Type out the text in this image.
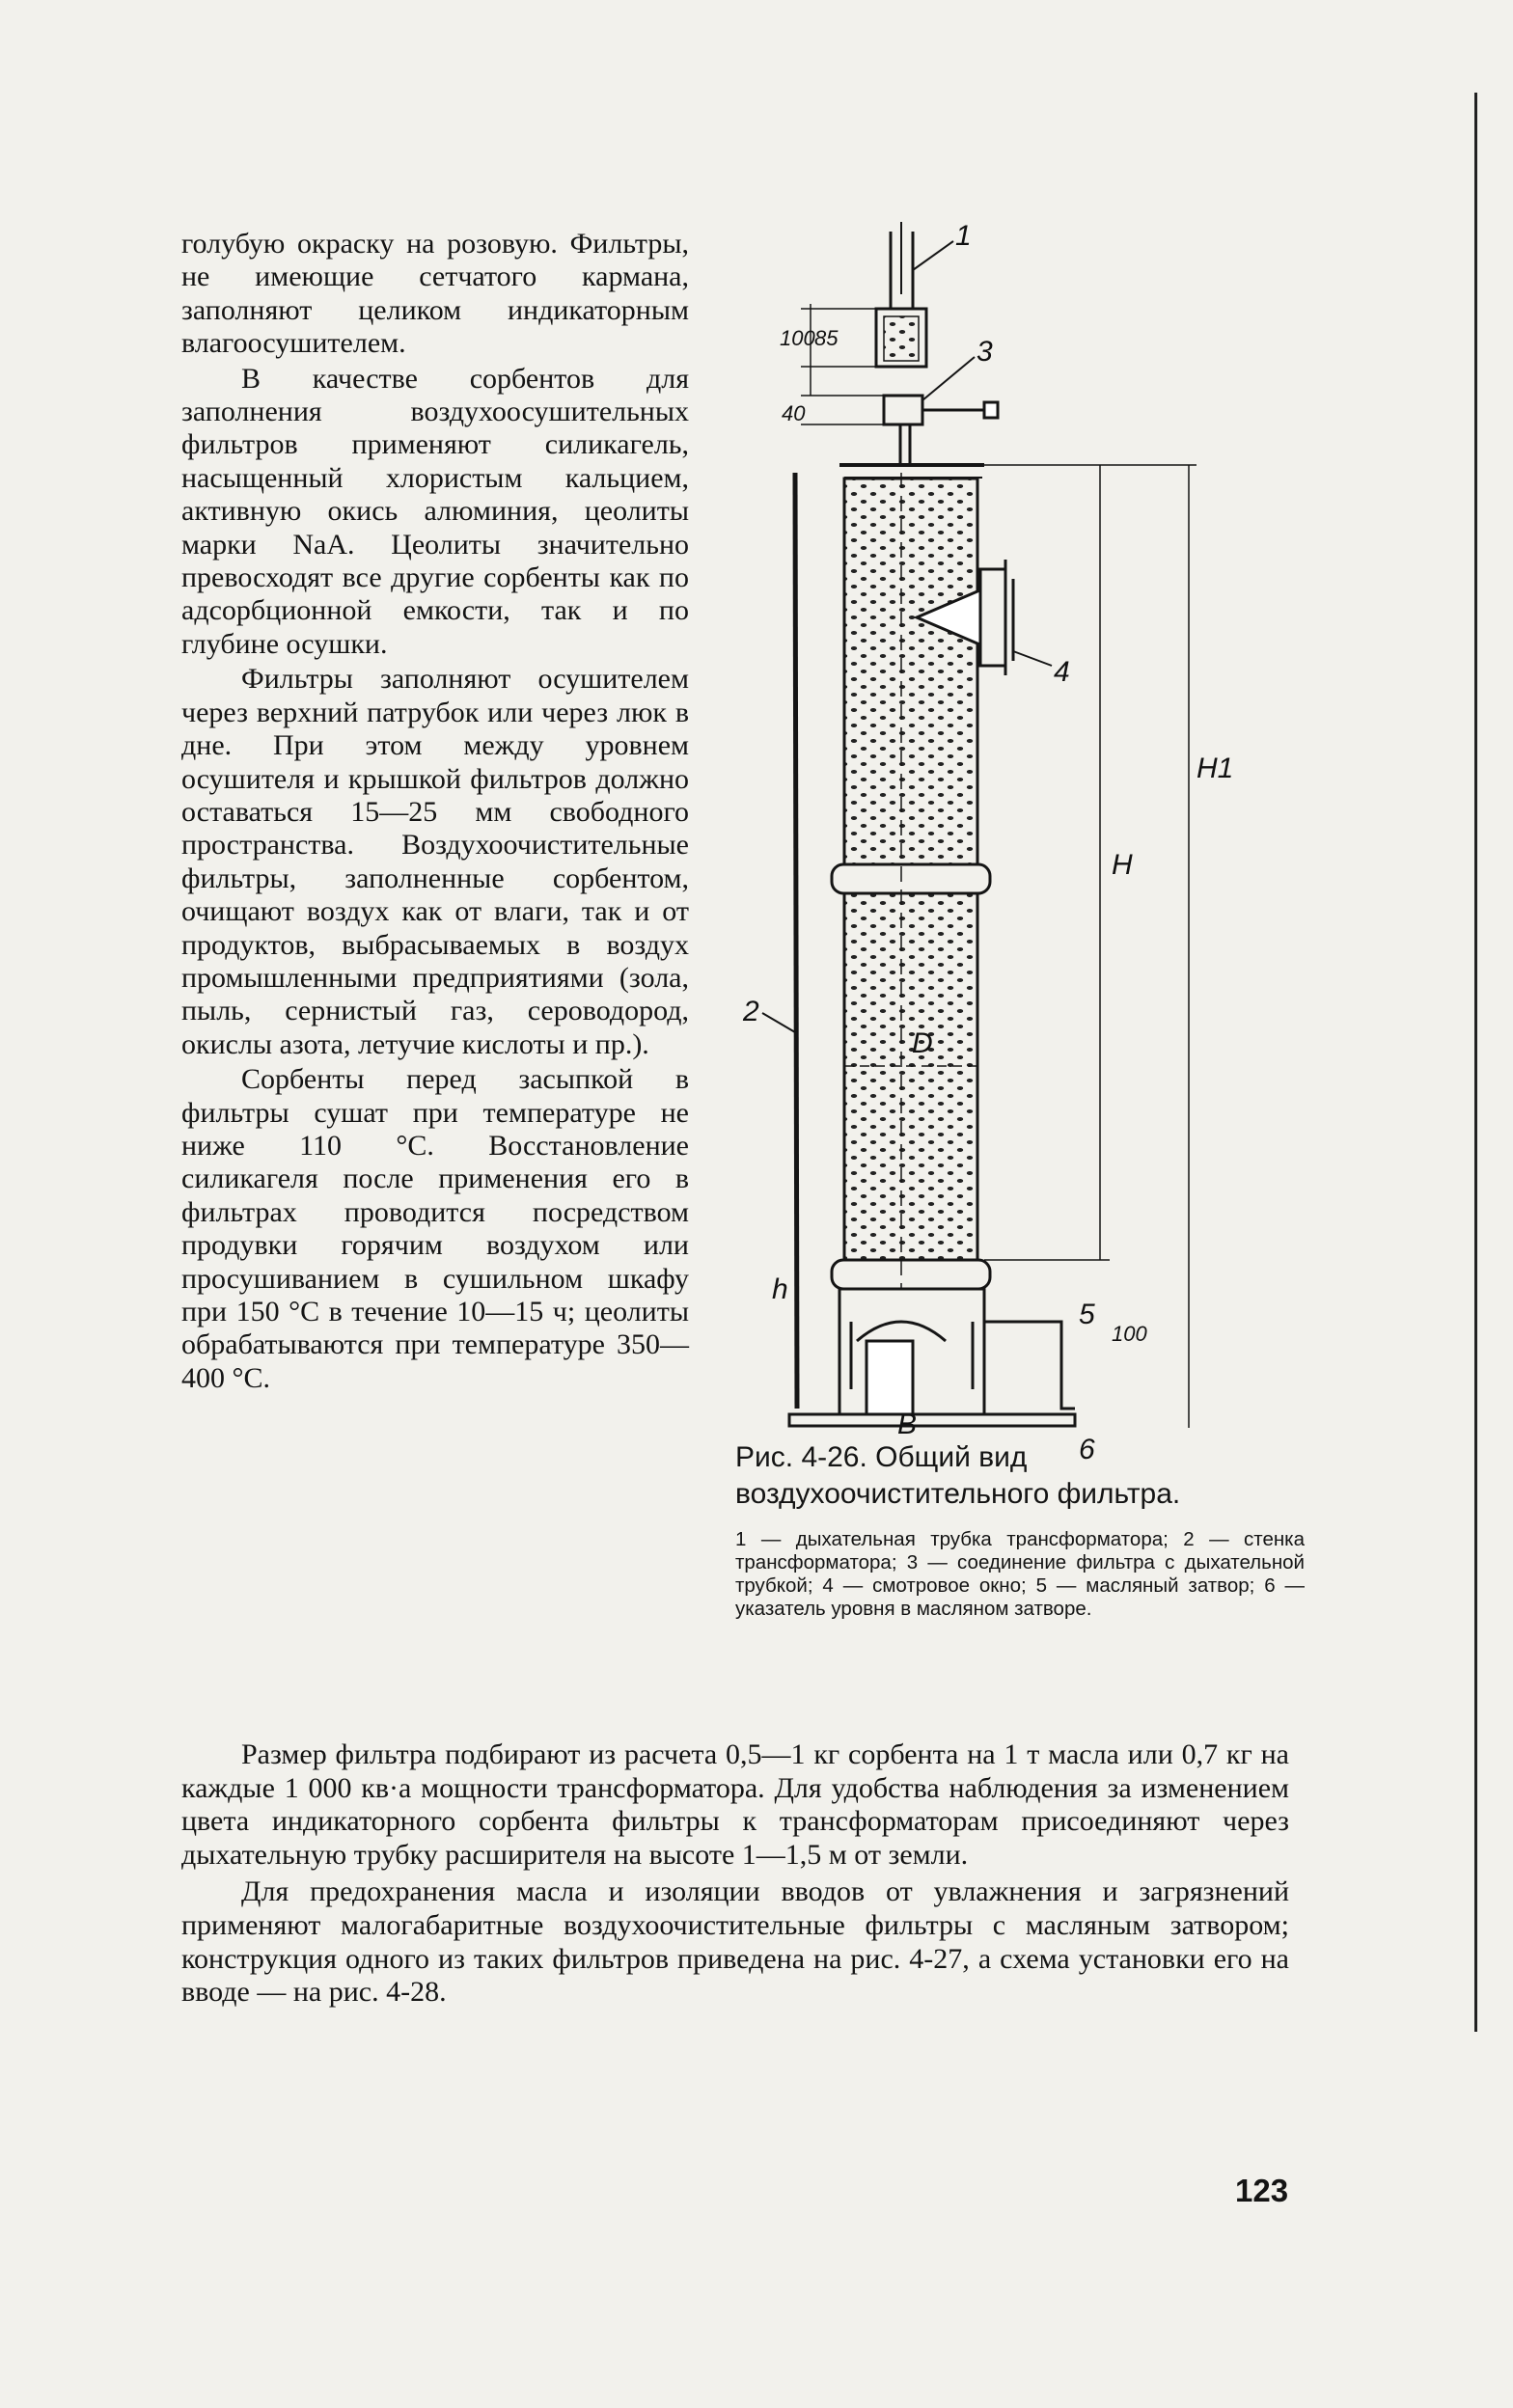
голубую окраску на розовую. Фильтры, не имеющие сетчатого кармана, заполняют целиком индикаторным влагоосушителем.

В качестве сорбентов для заполнения воздухоосушительных фильтров применяют силикагель, насыщенный хлористым кальцием, активную окись алюминия, цеолиты марки NaA. Цеолиты значительно превосходят все другие сорбенты как по адсорбционной емкости, так и по глубине осушки.

Фильтры заполняют осушителем через верхний патрубок или через люк в дне. При этом между уровнем осушителя и крышкой фильтров должно оставаться 15—25 мм свободного пространства. Воздухоочистительные фильтры, заполненные сорбентом, очищают воздух как от влаги, так и от продуктов, выбрасываемых в воздух промышленными предприятиями (зола, пыль, сернистый газ, сероводород, окислы азота, летучие кислоты и пр.).

Сорбенты перед засыпкой в фильтры сушат при температуре не ниже 110 °С. Восстановление силикагеля после применения его в фильтрах проводится посредством продувки горячим воздухом или просушиванием в сушильном шкафу при 150 °С в течение 10—15 ч; цеолиты обрабатываются при температуре 350—400 °С.

1
3
4
2
5
6
100 85
40
H
H1
D
100
h
B

Рис. 4-26. Общий вид воздухоочистительного фильтра.

1 — дыхательная трубка трансформатора; 2 — стенка трансформатора; 3 — соединение фильтра с дыхательной трубкой; 4 — смотровое окно; 5 — масляный затвор; 6 — указатель уровня в масляном затворе.

Размер фильтра подбирают из расчета 0,5—1 кг сорбента на 1 т масла или 0,7 кг на каждые 1 000 кв·а мощности трансформатора. Для удобства наблюдения за изменением цвета индикаторного сорбента фильтры к трансформаторам присоединяют через дыхательную трубку расширителя на высоте 1—1,5 м от земли.

Для предохранения масла и изоляции вводов от увлажнения и загрязнений применяют малогабаритные воздухоочистительные фильтры с масляным затвором; конструкция одного из таких фильтров приведена на рис. 4-27, а схема установки его на вводе — на рис. 4-28.

123
